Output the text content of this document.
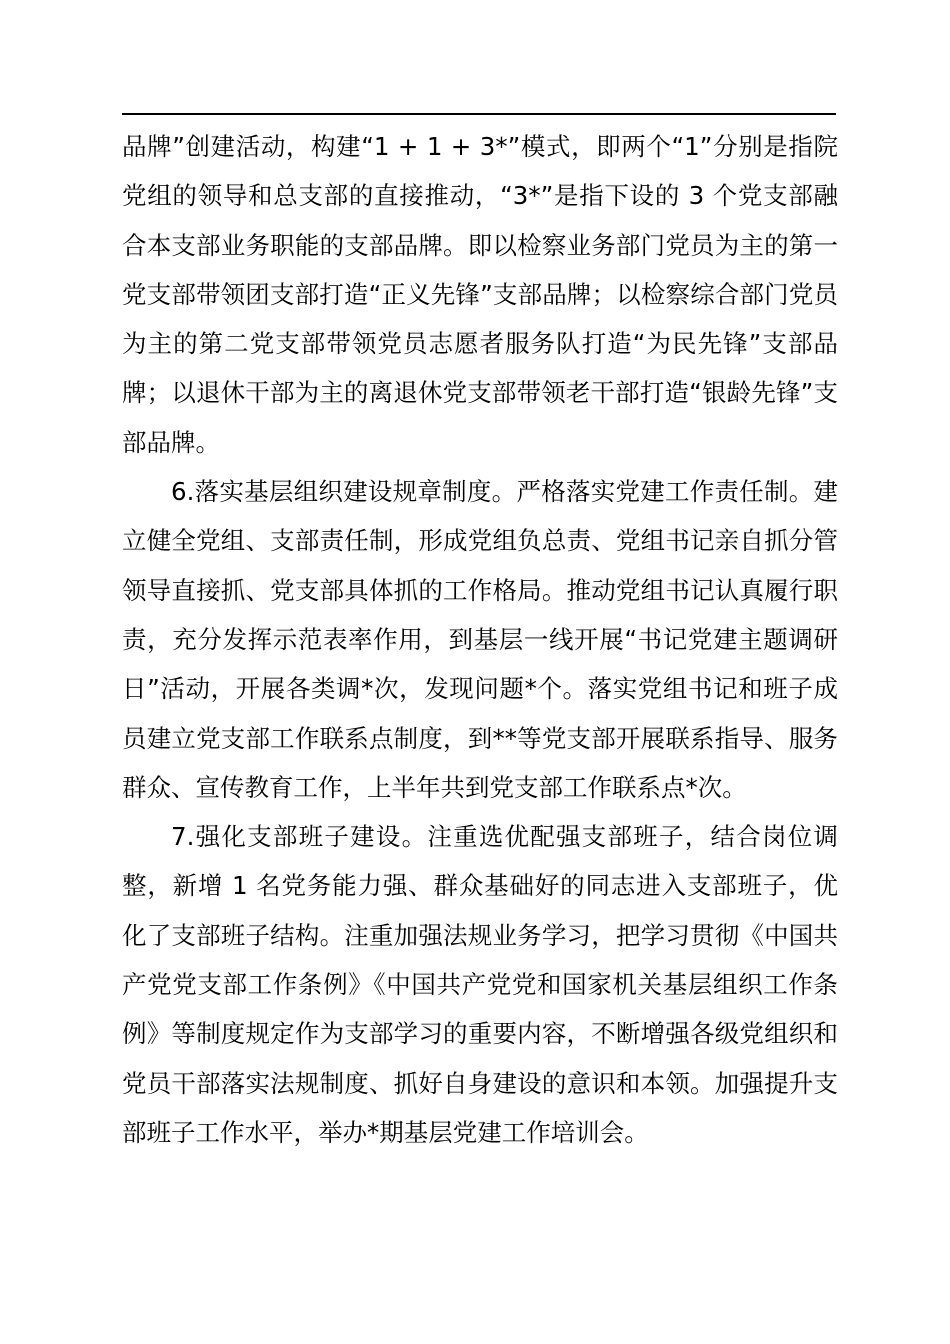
品牌”创建活动，构建“1 + 1 + 3*”模式，即两个“1”分别是指院党组的领导和总支部的直接推动，“3*”是指下设的 3 个党支部融合本支部业务职能的支部品牌。即以检察业务部门党员为主的第一党支部带领团支部打造“正义先锋”支部品牌；以检察综合部门党员为主的第二党支部带领党员志愿者服务队打造“为民先锋”支部品牌；以退休干部为主的离退休党支部带领老干部打造“银龄先锋”支部品牌。

6.落实基层组织建设规章制度。严格落实党建工作责任制。建立健全党组、支部责任制，形成党组负总责、党组书记亲自抓分管领导直接抓、党支部具体抓的工作格局。推动党组书记认真履行职责，充分发挥示范表率作用，到基层一线开展“书记党建主题调研日”活动，开展各类调*次，发现问题*个。落实党组书记和班子成员建立党支部工作联系点制度，到**等党支部开展联系指导、服务群众、宣传教育工作，上半年共到党支部工作联系点*次。

7.强化支部班子建设。注重选优配强支部班子，结合岗位调整，新增 1 名党务能力强、群众基础好的同志进入支部班子，优化了支部班子结构。注重加强法规业务学习，把学习贯彻《中国共产党党支部工作条例》《中国共产党党和国家机关基层组织工作条例》等制度规定作为支部学习的重要内容，不断增强各级党组织和党员干部落实法规制度、抓好自身建设的意识和本领。加强提升支部班子工作水平，举办*期基层党建工作培训会。
